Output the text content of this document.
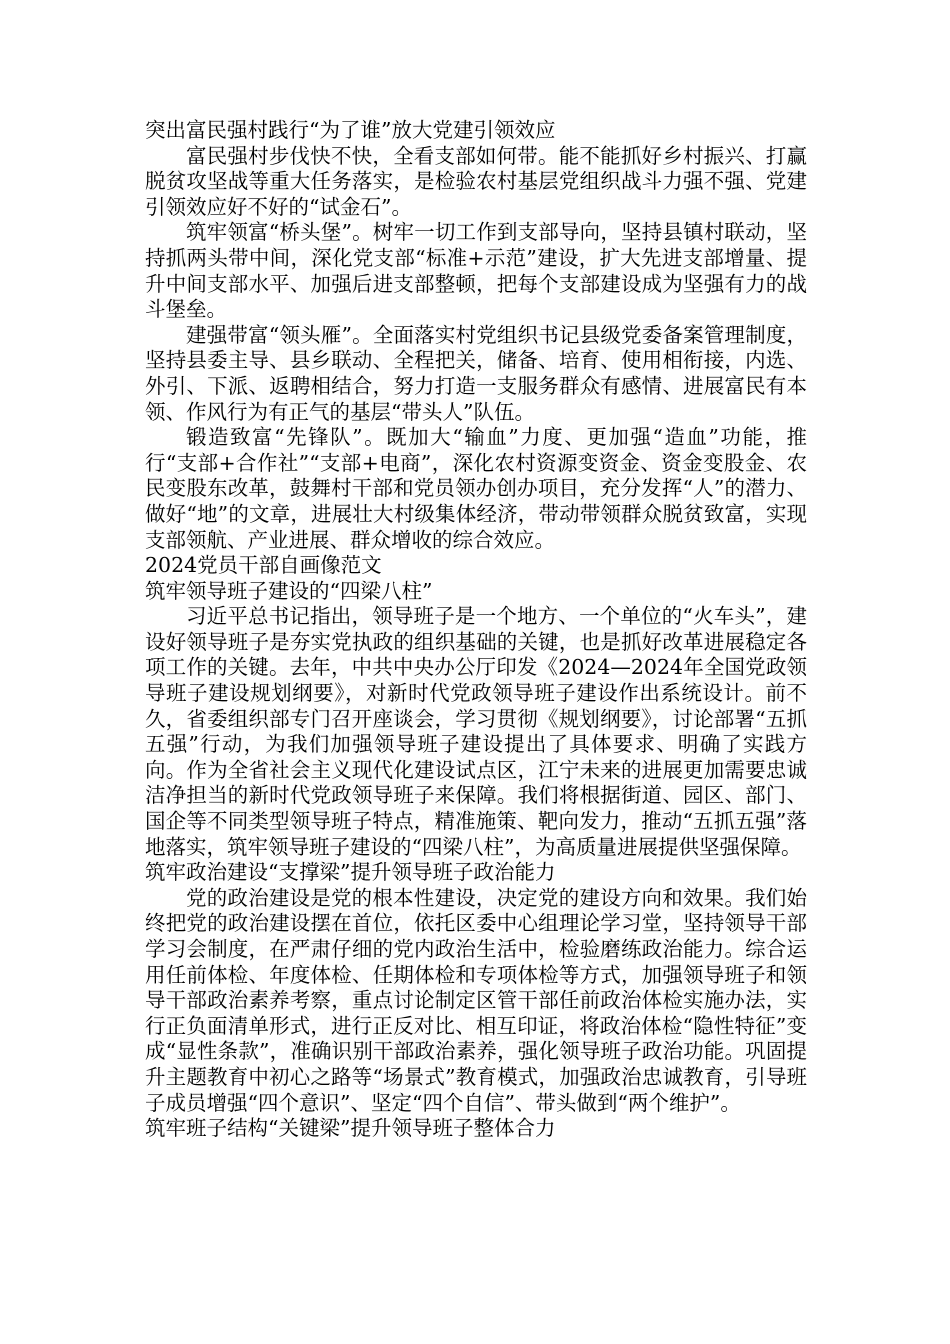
突出富民强村践行“为了谁”放大党建引领效应

富民强村步伐快不快，全看支部如何带。能不能抓好乡村振兴、打赢脱贫攻坚战等重大任务落实，是检验农村基层党组织战斗力强不强、党建引领效应好不好的“试金石”。

筑牢领富“桥头堡”。树牢一切工作到支部导向，坚持县镇村联动，坚持抓两头带中间，深化党支部“标准+示范”建设，扩大先进支部增量、提升中间支部水平、加强后进支部整顿，把每个支部建设成为坚强有力的战斗堡垒。

建强带富“领头雁”。全面落实村党组织书记县级党委备案管理制度，坚持县委主导、县乡联动、全程把关，储备、培育、使用相衔接，内选、外引、下派、返聘相结合，努力打造一支服务群众有感情、进展富民有本领、作风行为有正气的基层“带头人”队伍。

锻造致富“先锋队”。既加大“输血”力度、更加强“造血”功能，推行“支部+合作社”“支部+电商”，深化农村资源变资金、资金变股金、农民变股东改革，鼓舞村干部和党员领办创办项目，充分发挥“人”的潜力、做好“地”的文章，进展壮大村级集体经济，带动带领群众脱贫致富，实现支部领航、产业进展、群众增收的综合效应。

2024党员干部自画像范文

筑牢领导班子建设的“四梁八柱”

习近平总书记指出，领导班子是一个地方、一个单位的“火车头”，建设好领导班子是夯实党执政的组织基础的关键，也是抓好改革进展稳定各项工作的关键。去年，中共中央办公厅印发《2024—2024年全国党政领导班子建设规划纲要》，对新时代党政领导班子建设作出系统设计。前不久，省委组织部专门召开座谈会，学习贯彻《规划纲要》，讨论部署“五抓五强”行动，为我们加强领导班子建设提出了具体要求、明确了实践方向。作为全省社会主义现代化建设试点区，江宁未来的进展更加需要忠诚洁净担当的新时代党政领导班子来保障。我们将根据街道、园区、部门、国企等不同类型领导班子特点，精准施策、靶向发力，推动“五抓五强”落地落实，筑牢领导班子建设的“四梁八柱”，为高质量进展提供坚强保障。

筑牢政治建设“支撑梁”提升领导班子政治能力

党的政治建设是党的根本性建设，决定党的建设方向和效果。我们始终把党的政治建设摆在首位，依托区委中心组理论学习堂，坚持领导干部学习会制度，在严肃仔细的党内政治生活中，检验磨练政治能力。综合运用任前体检、年度体检、任期体检和专项体检等方式，加强领导班子和领导干部政治素养考察，重点讨论制定区管干部任前政治体检实施办法，实行正负面清单形式，进行正反对比、相互印证，将政治体检“隐性特征”变成“显性条款”，准确识别干部政治素养，强化领导班子政治功能。巩固提升主题教育中初心之路等“场景式”教育模式，加强政治忠诚教育，引导班子成员增强“四个意识”、坚定“四个自信”、带头做到“两个维护”。

筑牢班子结构“关键梁”提升领导班子整体合力
